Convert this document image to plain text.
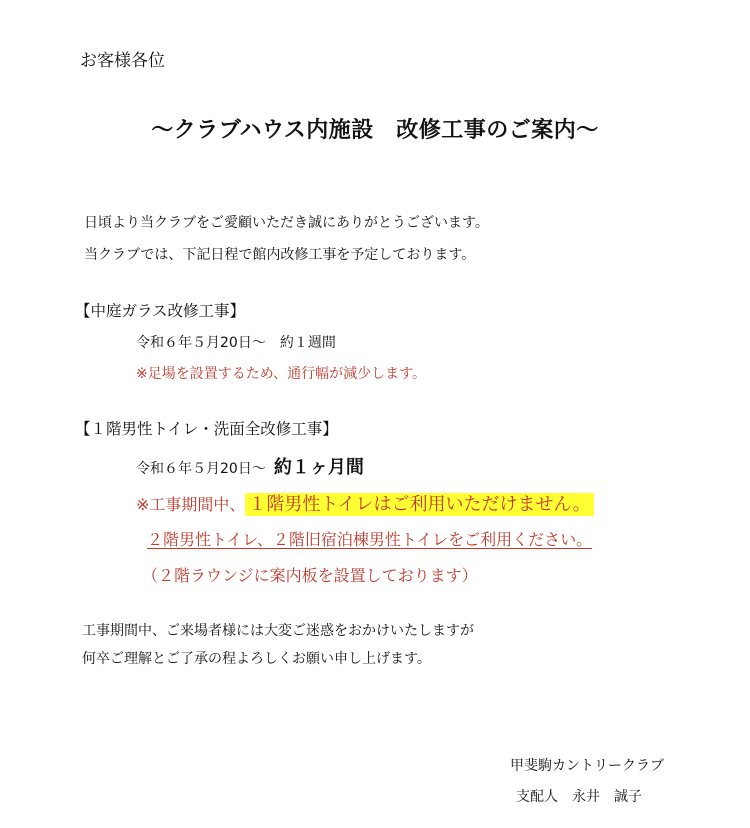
お客様各位
～クラブハウス内施設　改修工事のご案内～
日頃より当クラブをご愛顧いただき誠にありがとうございます。
当クラブでは、下記日程で館内改修工事を予定しております。
【中庭ガラス改修工事】
令和６年５月20日～　約１週間
※足場を設置するため、通行幅が減少します。
【１階男性トイレ・洗面全改修工事】
令和６年５月20日～ 約１ヶ月間
※工事期間中、 １階男性トイレはご利用いただけません。
２階男性トイレ、２階旧宿泊棟男性トイレをご利用ください。
（２階ラウンジに案内板を設置しております）
工事期間中、ご来場者様には大変ご迷惑をおかけいたしますが
何卒ご理解とご了承の程よろしくお願い申し上げます。
甲斐駒カントリークラブ
支配人　永井　誠子
